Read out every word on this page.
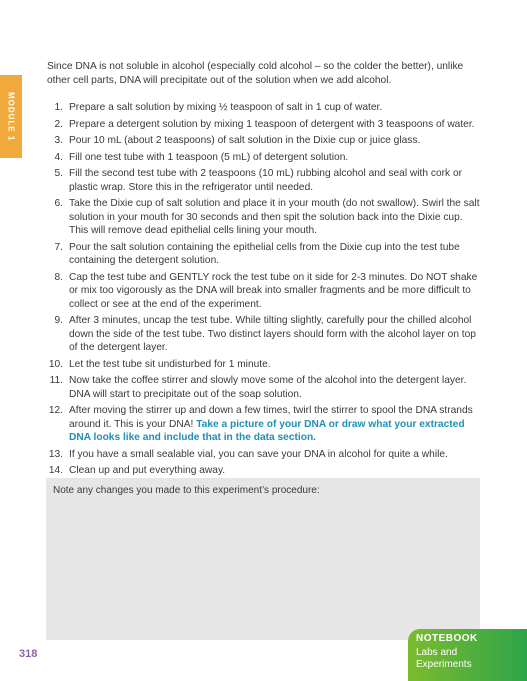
MODULE 1

Since DNA is not soluble in alcohol (especially cold alcohol – so the colder the better), unlike other cell parts, DNA will precipitate out of the solution when we add alcohol.

1. Prepare a salt solution by mixing ½ teaspoon of salt in 1 cup of water.
2. Prepare a detergent solution by mixing 1 teaspoon of detergent with 3 teaspoons of water.
3. Pour 10 mL (about 2 teaspoons) of salt solution in the Dixie cup or juice glass.
4. Fill one test tube with 1 teaspoon (5 mL) of detergent solution.
5. Fill the second test tube with 2 teaspoons (10 mL) rubbing alcohol and seal with cork or plastic wrap. Store this in the refrigerator until needed.
6. Take the Dixie cup of salt solution and place it in your mouth (do not swallow). Swirl the salt solution in your mouth for 30 seconds and then spit the solution back into the Dixie cup. This will remove dead epithelial cells lining your mouth.
7. Pour the salt solution containing the epithelial cells from the Dixie cup into the test tube containing the detergent solution.
8. Cap the test tube and GENTLY rock the test tube on it side for 2-3 minutes. Do NOT shake or mix too vigorously as the DNA will break into smaller fragments and be more difficult to collect or see at the end of the experiment.
9. After 3 minutes, uncap the test tube. While tilting slightly, carefully pour the chilled alcohol down the side of the test tube. Two distinct layers should form with the alcohol layer on top of the detergent layer.
10. Let the test tube sit undisturbed for 1 minute.
11. Now take the coffee stirrer and slowly move some of the alcohol into the detergent layer. DNA will start to precipitate out of the soap solution.
12. After moving the stirrer up and down a few times, twirl the stirrer to spool the DNA strands around it. This is your DNA! Take a picture of your DNA or draw what your extracted DNA looks like and include that in the data section.
13. If you have a small sealable vial, you can save your DNA in alcohol for quite a while.
14. Clean up and put everything away.
Note any changes you made to this experiment’s procedure:
318
NOTEBOOK
Labs and
Experiments
